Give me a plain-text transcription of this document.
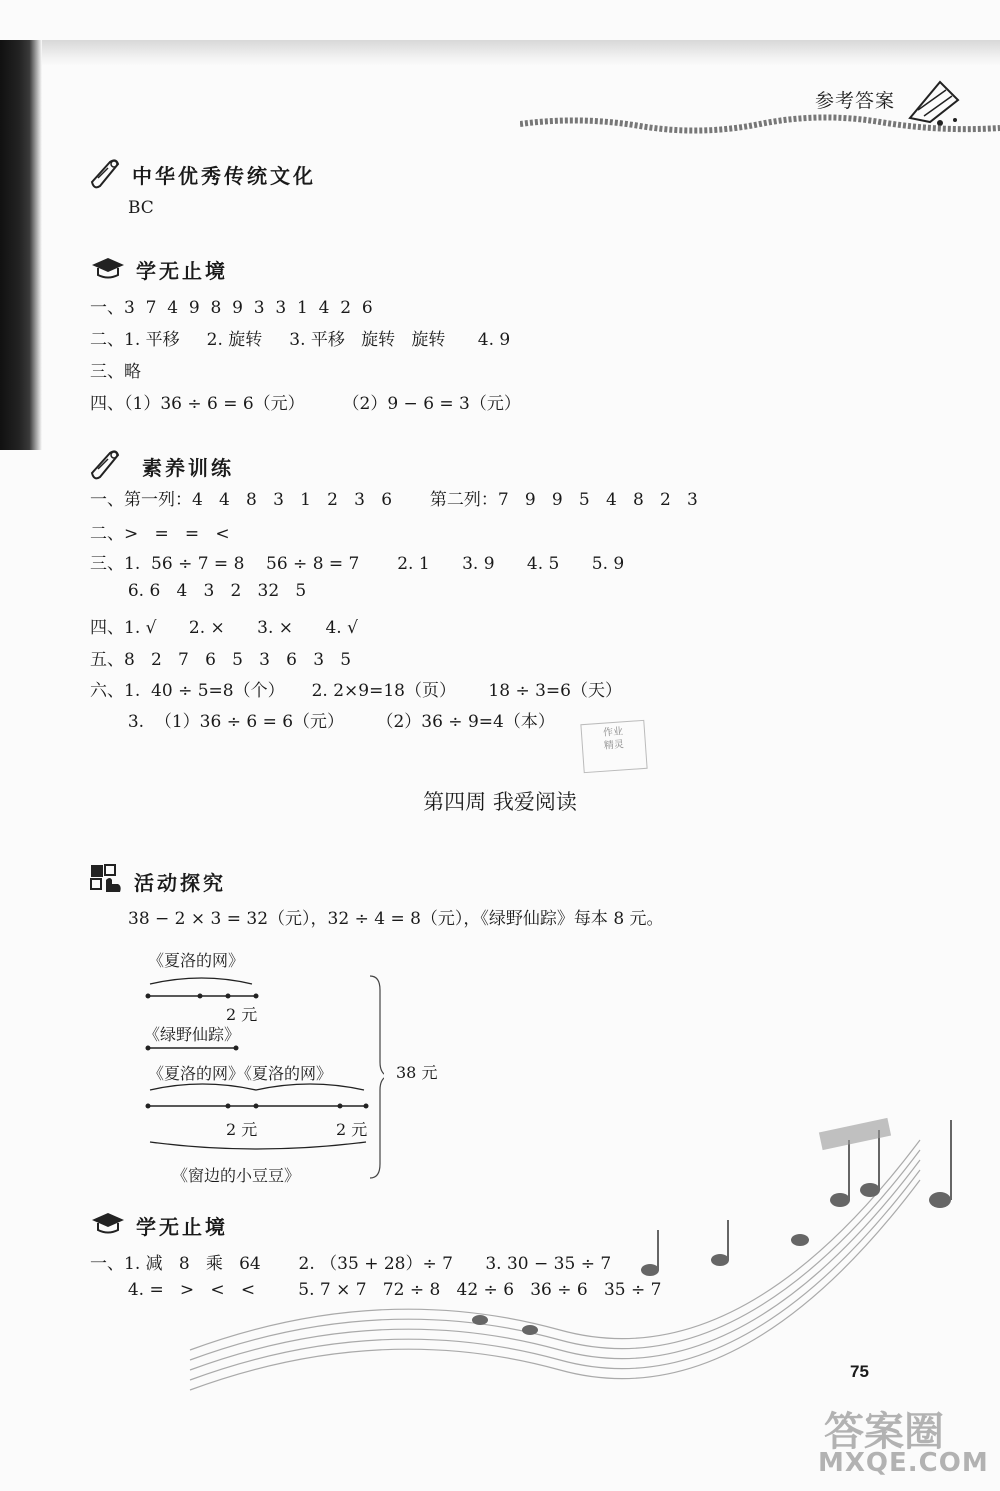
参考答案
中华优秀传统文化
BC
学无止境
一、3  7  4  9  8  9  3  3  1  4  2  6
二、1. 平移     2. 旋转     3. 平移   旋转   旋转      4. 9
三、略
四、（1）36 ÷ 6 = 6（元）       （2）9 − 6 = 3（元）
素养训练
一、第一列：4   4   8   3   1   2   3   6       第二列：7   9   9   5   4   8   2   3
二、>   =   =   <
三、1.  56 ÷ 7 = 8    56 ÷ 8 = 7       2. 1      3. 9      4. 5      5. 9
6. 6   4   3   2   32   5
四、1. √      2. ×      3. ×      4. √
五、8   2   7   6   5   3   6   3   5
六、1.  40 ÷ 5=8（个）     2. 2×9=18（页）      18 ÷ 3=6（天）
3.  （1）36 ÷ 6 = 6（元）      （2）36 ÷ 9=4（本）
作业
精灵
第四周 我爱阅读
活动探究
38 − 2 × 3 = 32（元），32 ÷ 4 = 8（元），《绿野仙踪》每本 8 元。
《夏洛的网》
2 元
《绿野仙踪》
《夏洛的网》《夏洛的网》
2 元	2 元
《窗边的小豆豆》
38 元
学无止境
一、1. 减   8   乘   64       2. （35 + 28）÷ 7      3. 30 − 35 ÷ 7
4. =   >   <   <        5. 7 × 7   72 ÷ 8   42 ÷ 6   36 ÷ 6   35 ÷ 7
75
答案圈
MXQE.COM
